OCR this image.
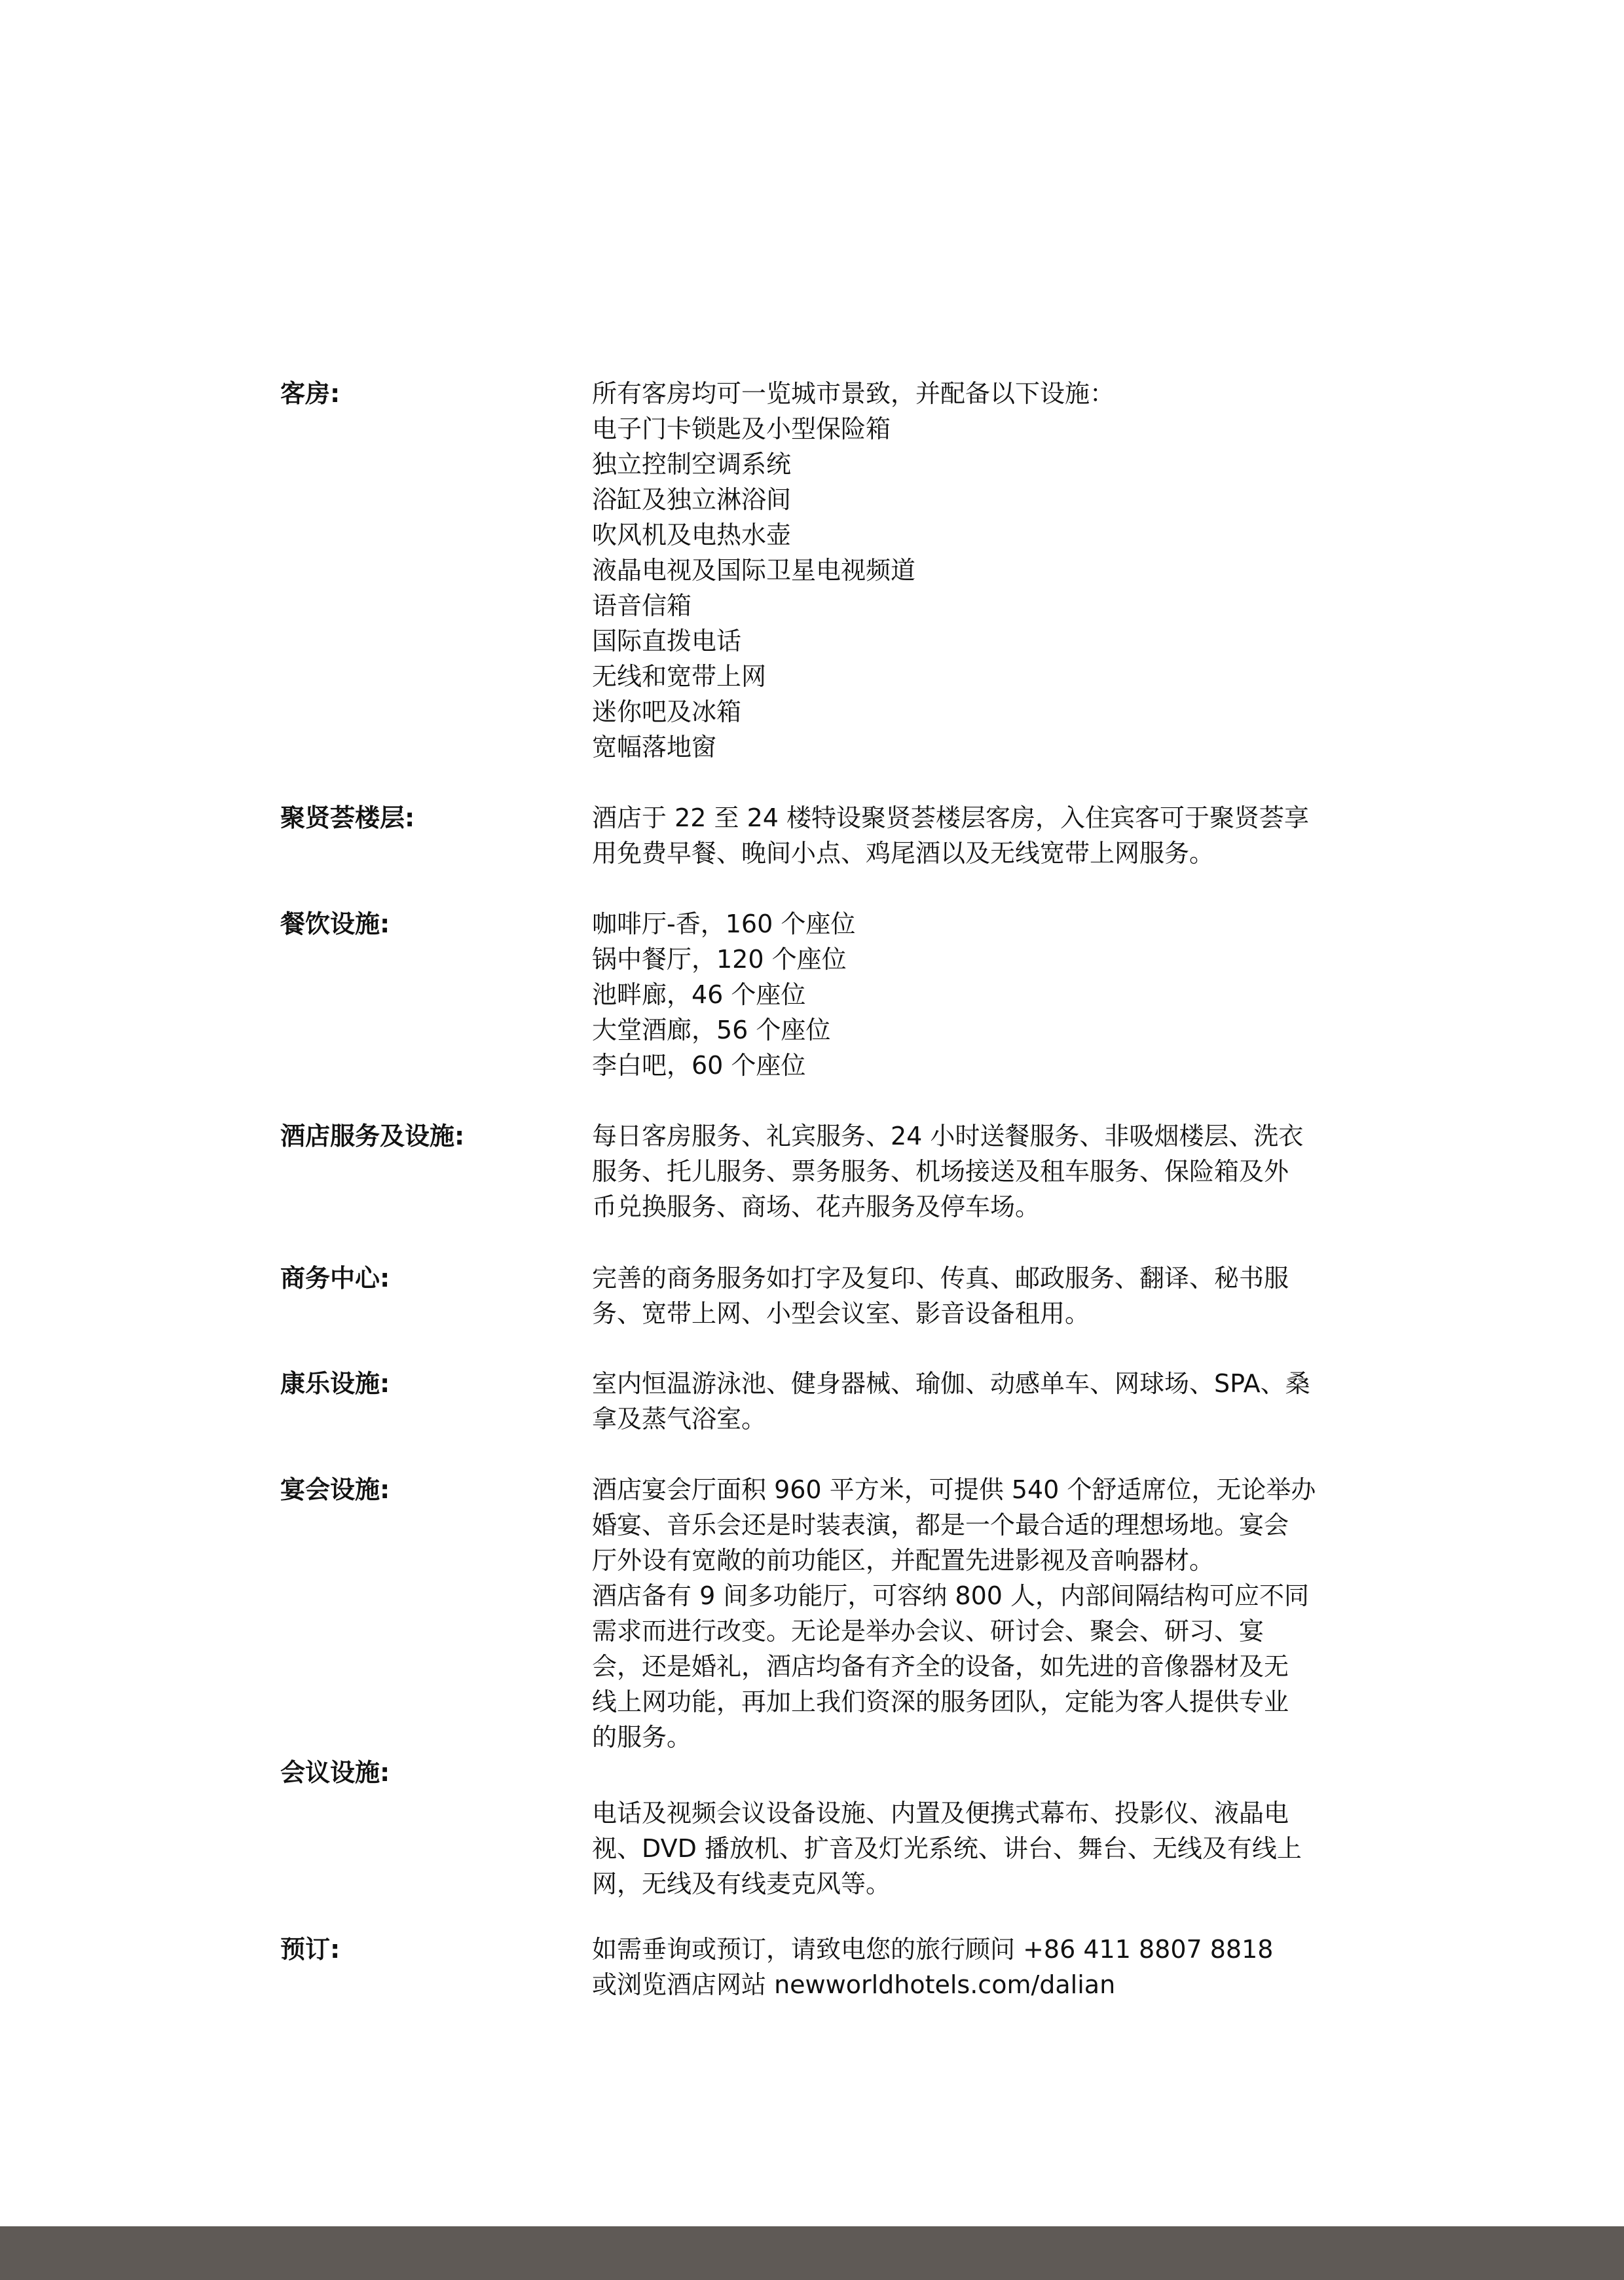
客房:	所有客房均可一览城市景致，并配备以下设施：
电子门卡锁匙及小型保险箱
独立控制空调系统
浴缸及独立淋浴间
吹风机及电热水壶
液晶电视及国际卫星电视频道
语音信箱
国际直拨电话
无线和宽带上网
迷你吧及冰箱
宽幅落地窗
聚贤荟楼层:	酒店于 22 至 24 楼特设聚贤荟楼层客房，入住宾客可于聚贤荟享
用免费早餐、晚间小点、鸡尾酒以及无线宽带上网服务。
餐饮设施:	咖啡厅-香，160 个座位
锅中餐厅，120 个座位
池畔廊，46 个座位
大堂酒廊，56 个座位
李白吧，60 个座位
酒店服务及设施:	每日客房服务、礼宾服务、24 小时送餐服务、非吸烟楼层、洗衣
服务、托儿服务、票务服务、机场接送及租车服务、保险箱及外
币兑换服务、商场、花卉服务及停车场。
商务中心:	完善的商务服务如打字及复印、传真、邮政服务、翻译、秘书服
务、宽带上网、小型会议室、影音设备租用。
康乐设施:	室内恒温游泳池、健身器械、瑜伽、动感单车、网球场、SPA、桑
拿及蒸气浴室。
宴会设施:	酒店宴会厅面积 960 平方米，可提供 540 个舒适席位，无论举办
婚宴、音乐会还是时装表演，都是一个最合适的理想场地。宴会
厅外设有宽敞的前功能区，并配置先进影视及音响器材。
酒店备有 9 间多功能厅，可容纳 800 人，内部间隔结构可应不同
需求而进行改变。无论是举办会议、研讨会、聚会、研习、宴
会，还是婚礼，酒店均备有齐全的设备，如先进的音像器材及无
线上网功能，再加上我们资深的服务团队，定能为客人提供专业
的服务。
会议设施:
电话及视频会议设备设施、内置及便携式幕布、投影仪、液晶电
视、DVD 播放机、扩音及灯光系统、讲台、舞台、无线及有线上
网，无线及有线麦克风等。
预订:	如需垂询或预订，请致电您的旅行顾问 +86 411 8807 8818
或浏览酒店网站 newworldhotels.com/dalian
